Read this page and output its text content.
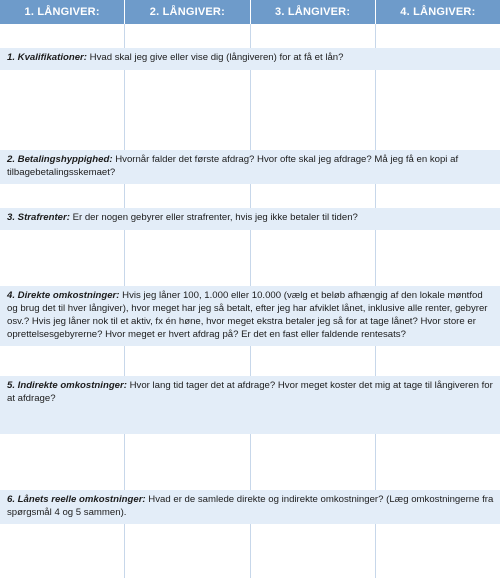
1. LÅNGIVER:	2. LÅNGIVER:	3. LÅNGIVER:	4. LÅNGIVER:
1. Kvalifikationer: Hvad skal jeg give eller vise dig (långiveren) for at få et lån?
2. Betalingshyppighed: Hvornår falder det første afdrag? Hvor ofte skal jeg afdrage? Må jeg få en kopi af tilbagebetalingsskemaet?
3. Strafrenter: Er der nogen gebyrer eller strafrenter, hvis jeg ikke betaler til tiden?
4. Direkte omkostninger: Hvis jeg låner 100, 1.000 eller 10.000 (vælg et beløb afhængig af den lokale møntfod og brug det til hver långiver), hvor meget har jeg så betalt, efter jeg har afviklet lånet, inklusive alle renter, gebyrer osv.? Hvis jeg låner nok til et aktiv, fx én høne, hvor meget ekstra betaler jeg så for at tage lånet? Hvor store er oprettelsesgebyrerne? Hvor meget er hvert afdrag på? Er det en fast eller faldende rentesats?
5. Indirekte omkostninger: Hvor lang tid tager det at afdrage? Hvor meget koster det mig at tage til långiveren for at afdrage?
6. Lånets reelle omkostninger: Hvad er de samlede direkte og indirekte omkostninger? (Læg omkostningerne fra spørgsmål 4 og 5 sammen).
